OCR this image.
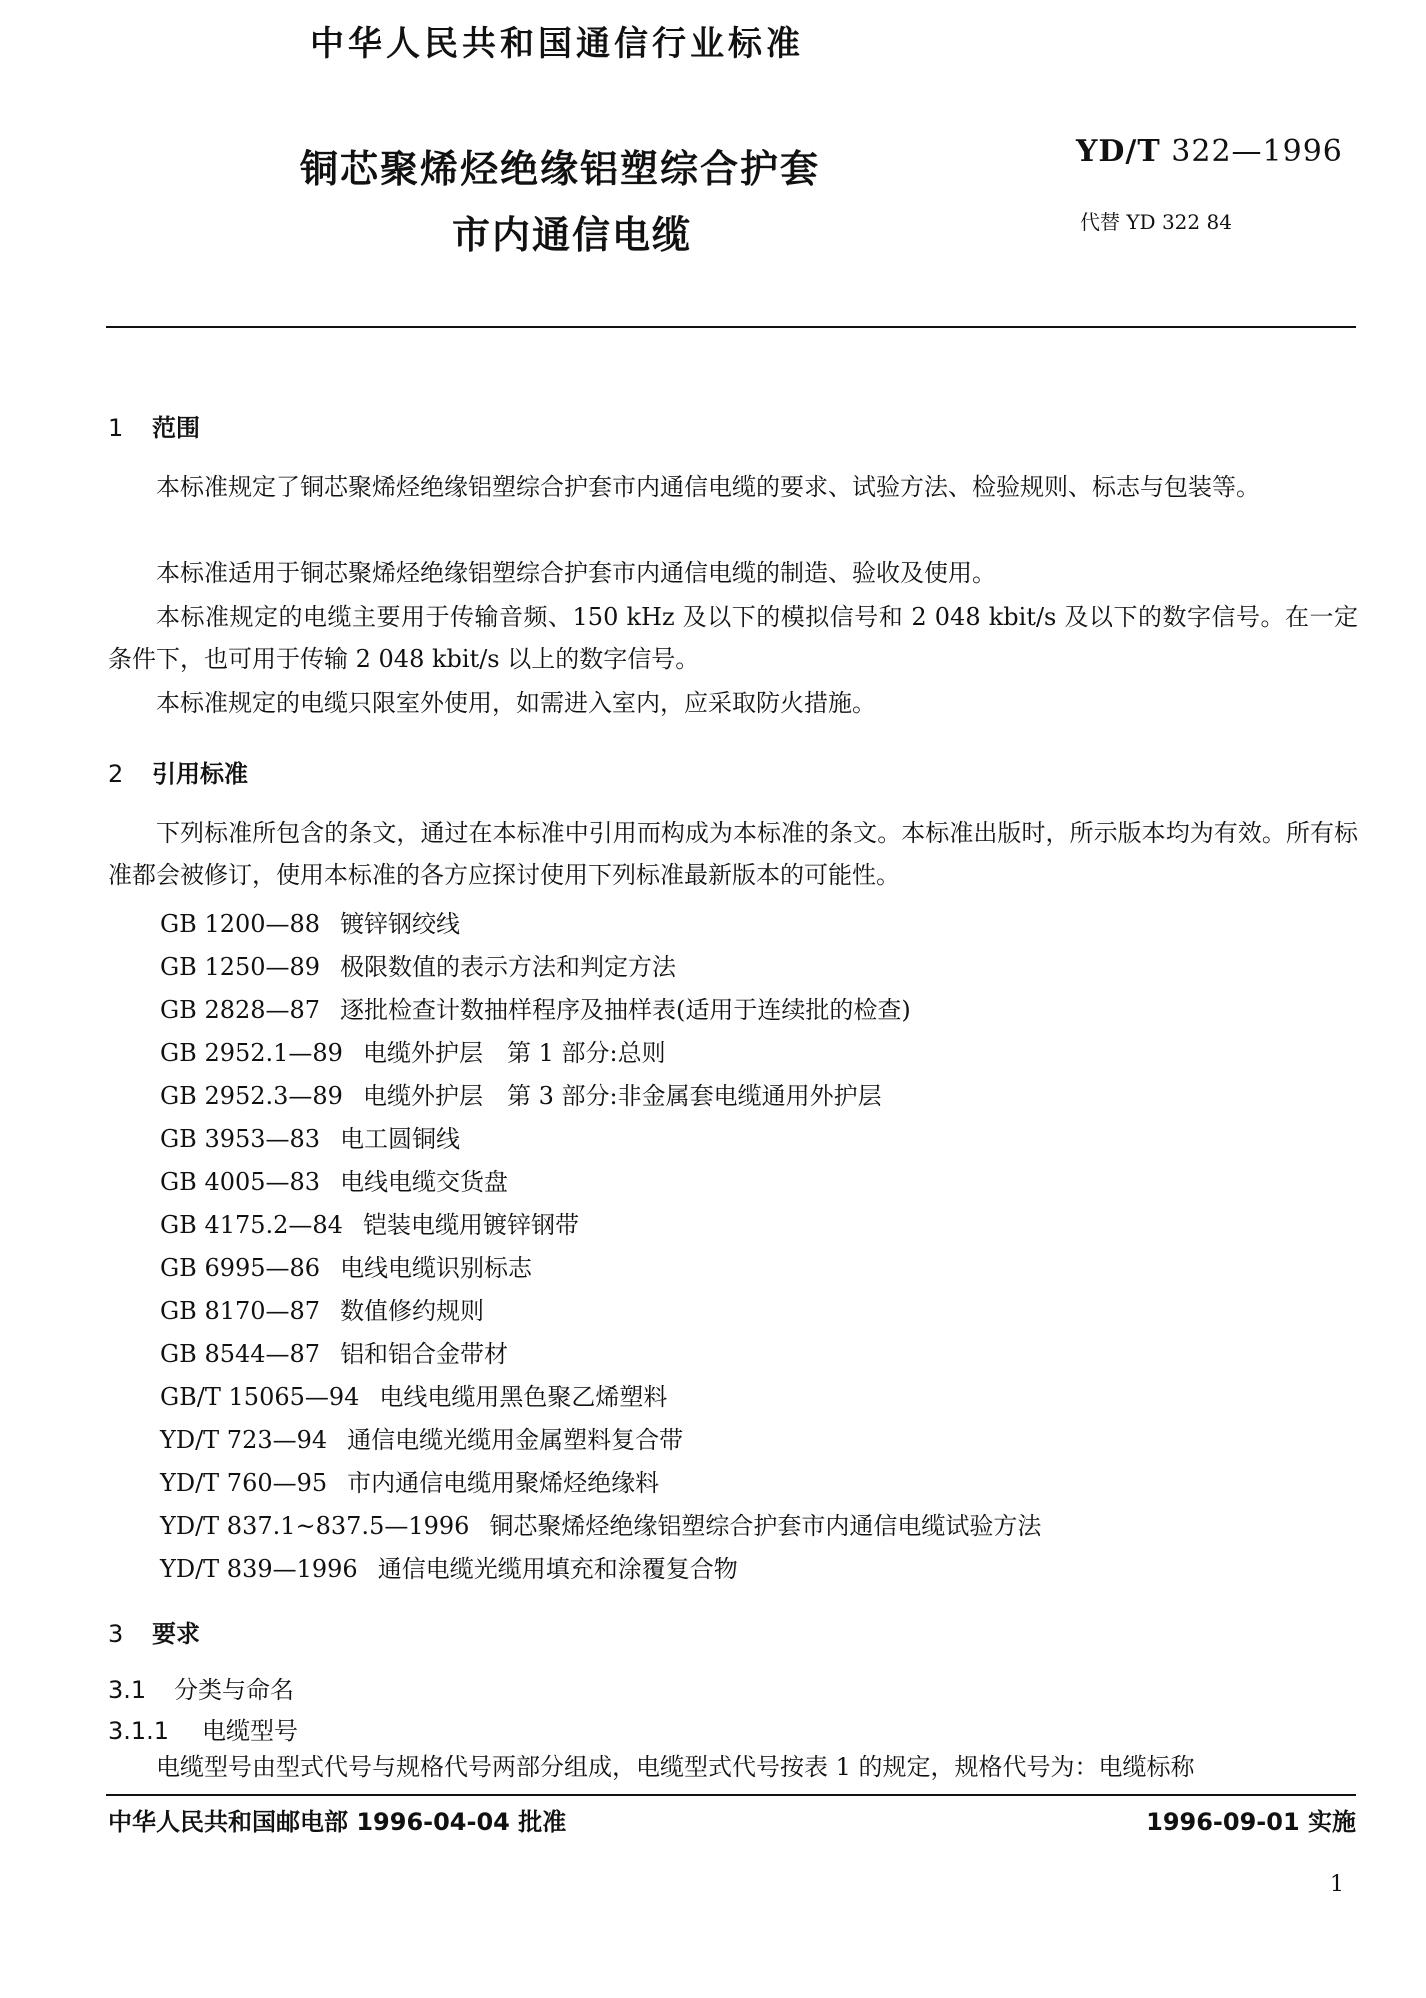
中华人民共和国通信行业标准
铜芯聚烯烃绝缘铝塑综合护套
市内通信电缆
YD/T 322—1996
代替 YD 322 84
1 范围
本标准规定了铜芯聚烯烃绝缘铝塑综合护套市内通信电缆的要求、试验方法、检验规则、标志与包装等。
本标准适用于铜芯聚烯烃绝缘铝塑综合护套市内通信电缆的制造、验收及使用。
本标准规定的电缆主要用于传输音频、150 kHz 及以下的模拟信号和 2 048 kbit/s 及以下的数字信号。在一定条件下，也可用于传输 2 048 kbit/s 以上的数字信号。
本标准规定的电缆只限室外使用，如需进入室内，应采取防火措施。
2 引用标准
下列标准所包含的条文，通过在本标准中引用而构成为本标准的条文。本标准出版时，所示版本均为有效。所有标准都会被修订，使用本标准的各方应探讨使用下列标准最新版本的可能性。
GB 1200—88 镀锌钢绞线
GB 1250—89 极限数值的表示方法和判定方法
GB 2828—87 逐批检查计数抽样程序及抽样表(适用于连续批的检查)
GB 2952.1—89 电缆外护层　第 1 部分:总则
GB 2952.3—89 电缆外护层　第 3 部分:非金属套电缆通用外护层
GB 3953—83 电工圆铜线
GB 4005—83 电线电缆交货盘
GB 4175.2—84 铠装电缆用镀锌钢带
GB 6995—86 电线电缆识别标志
GB 8170—87 数值修约规则
GB 8544—87 铝和铝合金带材
GB/T 15065—94 电线电缆用黑色聚乙烯塑料
YD/T 723—94 通信电缆光缆用金属塑料复合带
YD/T 760—95 市内通信电缆用聚烯烃绝缘料
YD/T 837.1~837.5—1996 铜芯聚烯烃绝缘铝塑综合护套市内通信电缆试验方法
YD/T 839—1996 通信电缆光缆用填充和涂覆复合物
3 要求
3.1 分类与命名
3.1.1 电缆型号
电缆型号由型式代号与规格代号两部分组成，电缆型式代号按表 1 的规定，规格代号为：电缆标称
中华人民共和国邮电部 1996-04-04 批准	1996-09-01 实施
1
